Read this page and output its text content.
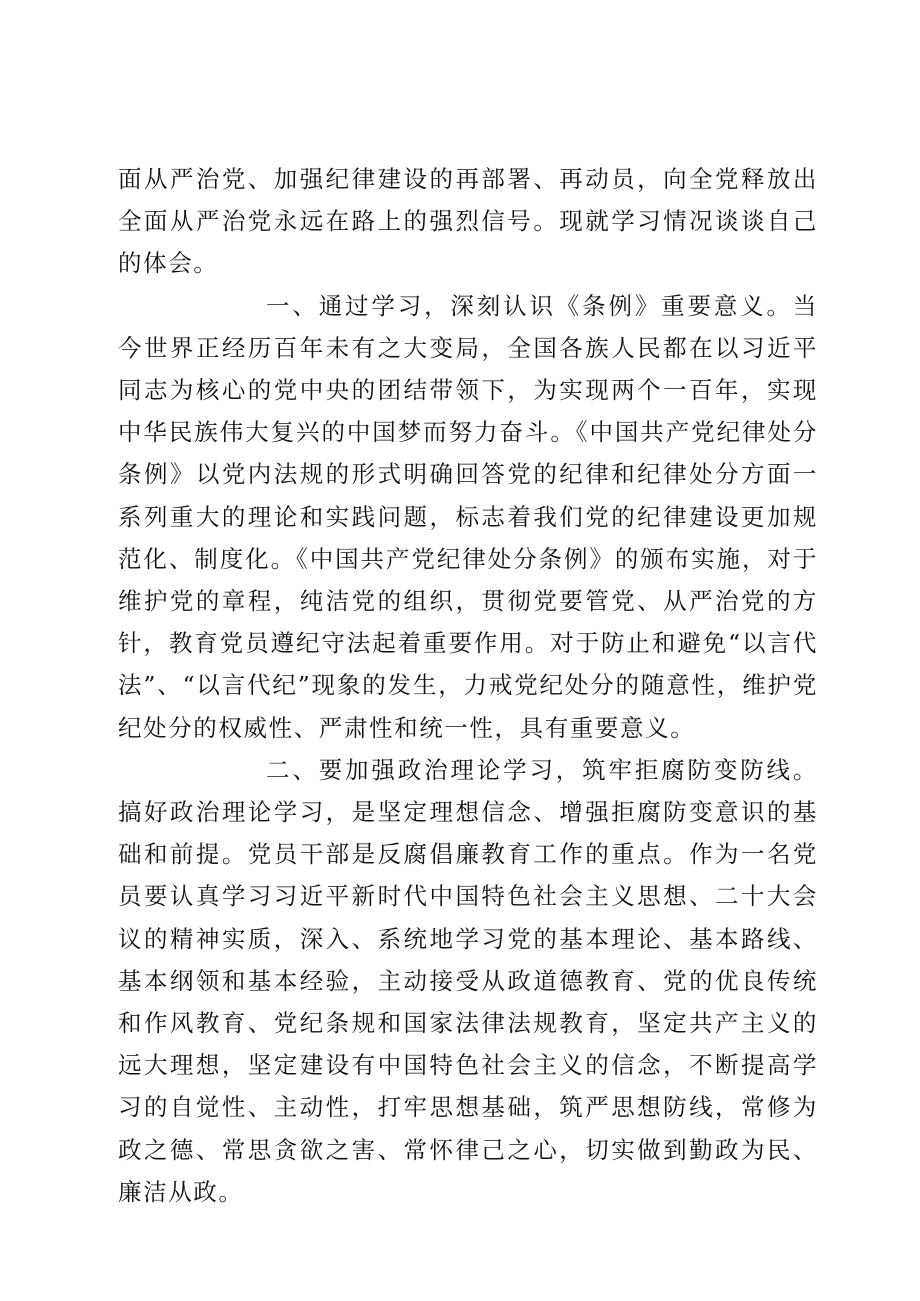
面从严治党、加强纪律建设的再部署、再动员，向全党释放出全面从严治党永远在路上的强烈信号。现就学习情况谈谈自己的体会。

一、通过学习，深刻认识《条例》重要意义。当今世界正经历百年未有之大变局，全国各族人民都在以习近平同志为核心的党中央的团结带领下，为实现两个一百年，实现中华民族伟大复兴的中国梦而努力奋斗。《中国共产党纪律处分条例》以党内法规的形式明确回答党的纪律和纪律处分方面一系列重大的理论和实践问题，标志着我们党的纪律建设更加规范化、制度化。《中国共产党纪律处分条例》的颁布实施，对于维护党的章程，纯洁党的组织，贯彻党要管党、从严治党的方针，教育党员遵纪守法起着重要作用。对于防止和避免“以言代法”、“以言代纪”现象的发生，力戒党纪处分的随意性，维护党纪处分的权威性、严肃性和统一性，具有重要意义。

二、要加强政治理论学习，筑牢拒腐防变防线。搞好政治理论学习，是坚定理想信念、增强拒腐防变意识的基础和前提。党员干部是反腐倡廉教育工作的重点。作为一名党员要认真学习习近平新时代中国特色社会主义思想、二十大会议的精神实质，深入、系统地学习党的基本理论、基本路线、基本纲领和基本经验，主动接受从政道德教育、党的优良传统和作风教育、党纪条规和国家法律法规教育，坚定共产主义的远大理想，坚定建设有中国特色社会主义的信念，不断提高学习的自觉性、主动性，打牢思想基础，筑严思想防线，常修为政之德、常思贪欲之害、常怀律己之心，切实做到勤政为民、廉洁从政。
